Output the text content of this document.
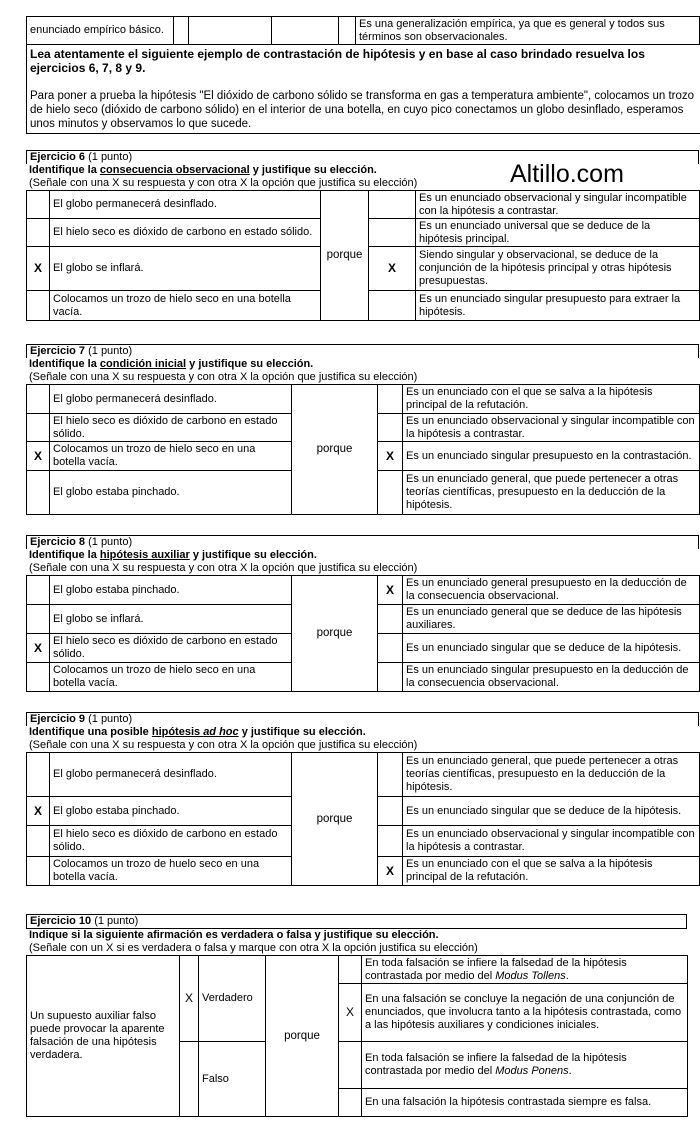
enunciado empírico básico.					Es una generalización empírica, ya que es general y todos sus términos son observacionales.
Lea atentamente el siguiente ejemplo de contrastación de hipótesis y en base al caso brindado resuelva los ejercicios 6, 7, 8 y 9.
Para poner a prueba la hipótesis "El dióxido de carbono sólido se transforma en gas a temperatura ambiente", colocamos un trozo de hielo seco (dióxido de carbono sólido) en el interior de una botella, en cuyo pico conectamos un globo desinflado, esperamos unos minutos y observamos lo que sucede.
Altillo.com
Ejercicio 6 (1 punto)
Identifique la consecuencia observacional y justifique su elección.
(Señale con una X su respuesta y con otra X la opción que justifica su elección)
	El globo permanecerá desinflado.	porque		Es un enunciado observacional y singular incompatible con la hipótesis a contrastar.
	El hielo seco es dióxido de carbono en estado sólido.			Es un enunciado universal que se deduce de la hipótesis principal.
X	El globo se inflará.		X	Siendo singular y observacional, se deduce de la conjunción de la hipótesis principal y otras hipótesis presupuestas.
	Colocamos un trozo de hielo seco en una botella vacía.			Es un enunciado singular presupuesto para extraer la hipótesis.
Ejercicio 7 (1 punto)
Identifique la condición inicial y justifique su elección.
(Señale con una X su respuesta y con otra X la opción que justifica su elección)
	El globo permanecerá desinflado.	porque		Es un enunciado con el que se salva a la hipótesis principal de la refutación.
	El hielo seco es dióxido de carbono en estado sólido.			Es un enunciado observacional y singular incompatible con la hipótesis a contrastar.
X	Colocamos un trozo de hielo seco en una botella vacía.		X	Es un enunciado singular presupuesto en la contrastación.
	El globo estaba pinchado.			Es un enunciado general, que puede pertenecer a otras teorías científicas, presupuesto en la deducción de la hipótesis.
Ejercicio 8 (1 punto)
Identifique la hipótesis auxiliar y justifique su elección.
(Señale con una X su respuesta y con otra X la opción que justifica su elección)
	El globo estaba pinchado.	porque	X	Es un enunciado general presupuesto en la deducción de la consecuencia observacional.
	El globo se inflará.			Es un enunciado general que se deduce de las hipótesis auxiliares.
X	El hielo seco es dióxido de carbono en estado sólido.			Es un enunciado singular que se deduce de la hipótesis.
	Colocamos un trozo de hielo seco en una botella vacía.			Es un enunciado singular presupuesto en la deducción de la consecuencia observacional.
Ejercicio 9 (1 punto)
Identifique una posible hipótesis ad hoc y justifique su elección.
(Señale con una X su respuesta y con otra X la opción que justifica su elección)
	El globo permanecerá desinflado.	porque		Es un enunciado general, que puede pertenecer a otras teorías científicas, presupuesto en la deducción de la hipótesis.
X	El globo estaba pinchado.			Es un enunciado singular que se deduce de la hipótesis.
	El hielo seco es dióxido de carbono en estado sólido.			Es un enunciado observacional y singular incompatible con la hipótesis a contrastar.
	Colocamos un trozo de huelo seco en una botella vacía.		X	Es un enunciado con el que se salva a la hipótesis principal de la refutación.
Ejercicio 10 (1 punto)
Indique si la siguiente afirmación es verdadera o falsa y justifique su elección.
(Señale con un X si es verdadera o falsa y marque con otra X la opción justifica su elección)
Un supuesto auxiliar falso puede provocar la aparente falsación de una hipótesis verdadera.	X	Verdadero	porque		En toda falsación se infiere la falsedad de la hipótesis contrastada por medio del Modus Tollens.
				X	En una falsación se concluye la negación de una conjunción de enunciados, que involucra tanto a la hipótesis contrastada, como a las hipótesis auxiliares y condiciones iniciales.
		Falso			En toda falsación se infiere la falsedad de la hipótesis contrastada por medio del Modus Ponens.
					En una falsación la hipótesis contrastada siempre es falsa.
